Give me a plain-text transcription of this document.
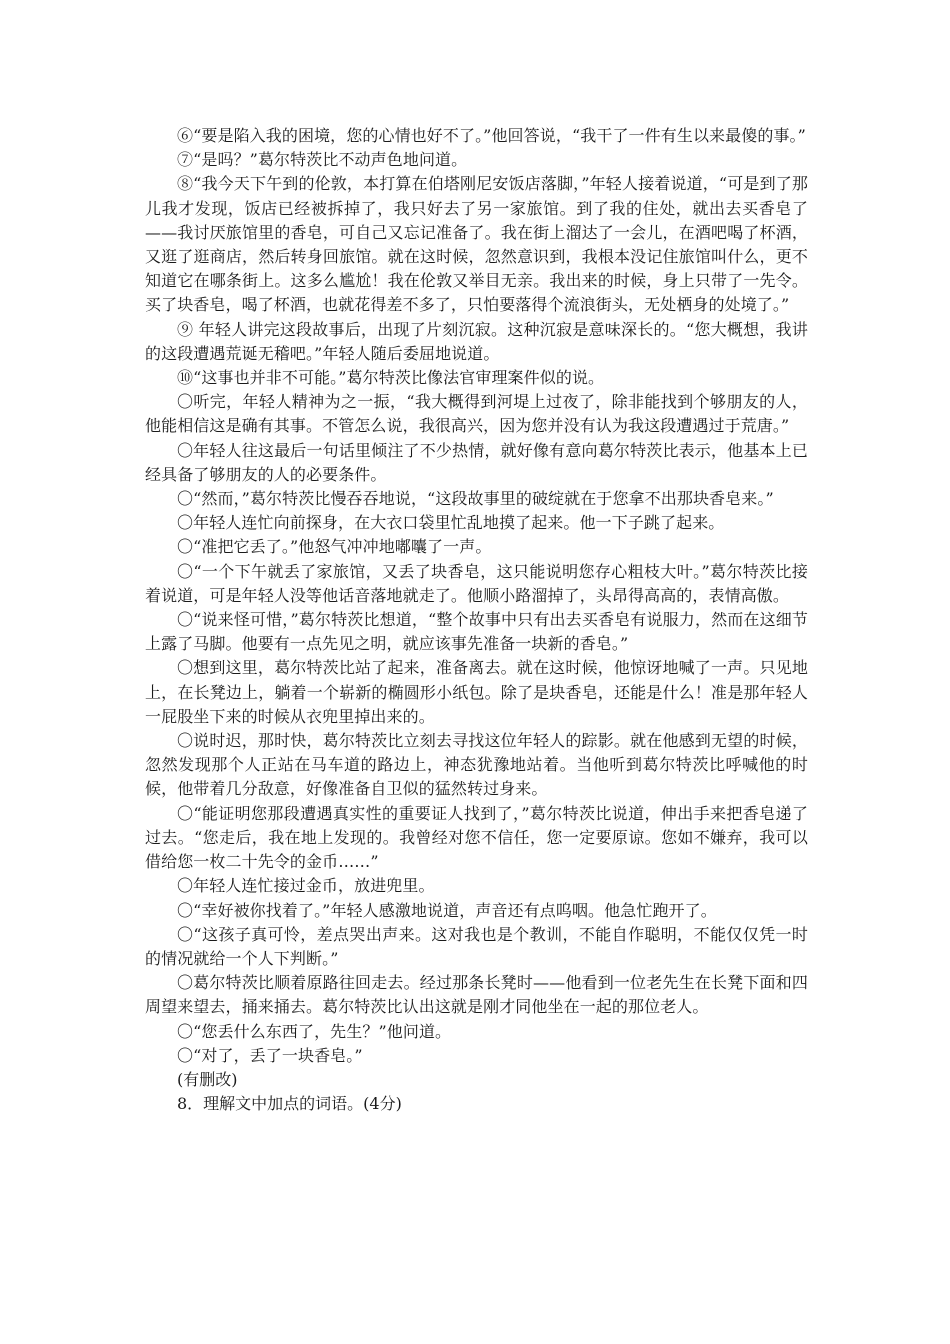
⑥“要是陷入我的困境，您的心情也好不了。”他回答说，“我干了一件有生以来最傻的事。”

⑦“是吗？”葛尔特茨比不动声色地问道。

⑧“我今天下午到的伦敦，本打算在伯塔刚尼安饭店落脚，”年轻人接着说道，“可是到了那儿我才发现，饭店已经被拆掉了，我只好去了另一家旅馆。到了我的住处，就出去买香皂了——我讨厌旅馆里的香皂，可自己又忘记准备了。我在街上溜达了一会儿，在酒吧喝了杯酒，又逛了逛商店，然后转身回旅馆。就在这时候，忽然意识到，我根本没记住旅馆叫什么，更不知道它在哪条街上。这多么尴尬！我在伦敦又举目无亲。我出来的时候，身上只带了一先令。买了块香皂，喝了杯酒，也就花得差不多了，只怕要落得个流浪街头，无处栖身的处境了。”

⑨ 年轻人讲完这段故事后，出现了片刻沉寂。这种沉寂是意味深长的。“您大概想，我讲的这段遭遇荒诞无稽吧。”年轻人随后委屈地说道。

⑩“这事也并非不可能。”葛尔特茨比像法官审理案件似的说。

〇听完，年轻人精神为之一振，“我大概得到河堤上过夜了，除非能找到个够朋友的人，他能相信这是确有其事。不管怎么说，我很高兴，因为您并没有认为我这段遭遇过于荒唐。”

〇年轻人往这最后一句话里倾注了不少热情，就好像有意向葛尔特茨比表示，他基本上已经具备了够朋友的人的必要条件。

〇“然而，”葛尔特茨比慢吞吞地说，“这段故事里的破绽就在于您拿不出那块香皂来。”

〇年轻人连忙向前探身，在大衣口袋里忙乱地摸了起来。他一下子跳了起来。

〇“准把它丢了。”他怒气冲冲地嘟囔了一声。

〇“一个下午就丢了家旅馆，又丢了块香皂，这只能说明您存心粗枝大叶。”葛尔特茨比接着说道，可是年轻人没等他话音落地就走了。他顺小路溜掉了，头昂得高高的，表情高傲。

〇“说来怪可惜，”葛尔特茨比想道，“整个故事中只有出去买香皂有说服力，然而在这细节上露了马脚。他要有一点先见之明，就应该事先准备一块新的香皂。”

〇想到这里，葛尔特茨比站了起来，准备离去。就在这时候，他惊讶地喊了一声。只见地上，在长凳边上，躺着一个崭新的椭圆形小纸包。除了是块香皂，还能是什么！准是那年轻人一屁股坐下来的时候从衣兜里掉出来的。

〇说时迟，那时快，葛尔特茨比立刻去寻找这位年轻人的踪影。就在他感到无望的时候，忽然发现那个人正站在马车道的路边上，神态犹豫地站着。当他听到葛尔特茨比呼喊他的时候，他带着几分敌意，好像准备自卫似的猛然转过身来。

〇“能证明您那段遭遇真实性的重要证人找到了，”葛尔特茨比说道，伸出手来把香皂递了过去。“您走后，我在地上发现的。我曾经对您不信任，您一定要原谅。您如不嫌弃，我可以借给您一枚二十先令的金币……”

〇年轻人连忙接过金币，放进兜里。

〇“幸好被你找着了。”年轻人感激地说道，声音还有点呜咽。他急忙跑开了。

〇“这孩子真可怜，差点哭出声来。这对我也是个教训，不能自作聪明，不能仅仅凭一时的情况就给一个人下判断。”

〇葛尔特茨比顺着原路往回走去。经过那条长凳时——他看到一位老先生在长凳下面和四周望来望去，捅来捅去。葛尔特茨比认出这就是刚才同他坐在一起的那位老人。

〇“您丢什么东西了，先生？”他问道。

〇“对了，丢了一块香皂。”

(有删改)

8．理解文中加点的词语。(4分)
